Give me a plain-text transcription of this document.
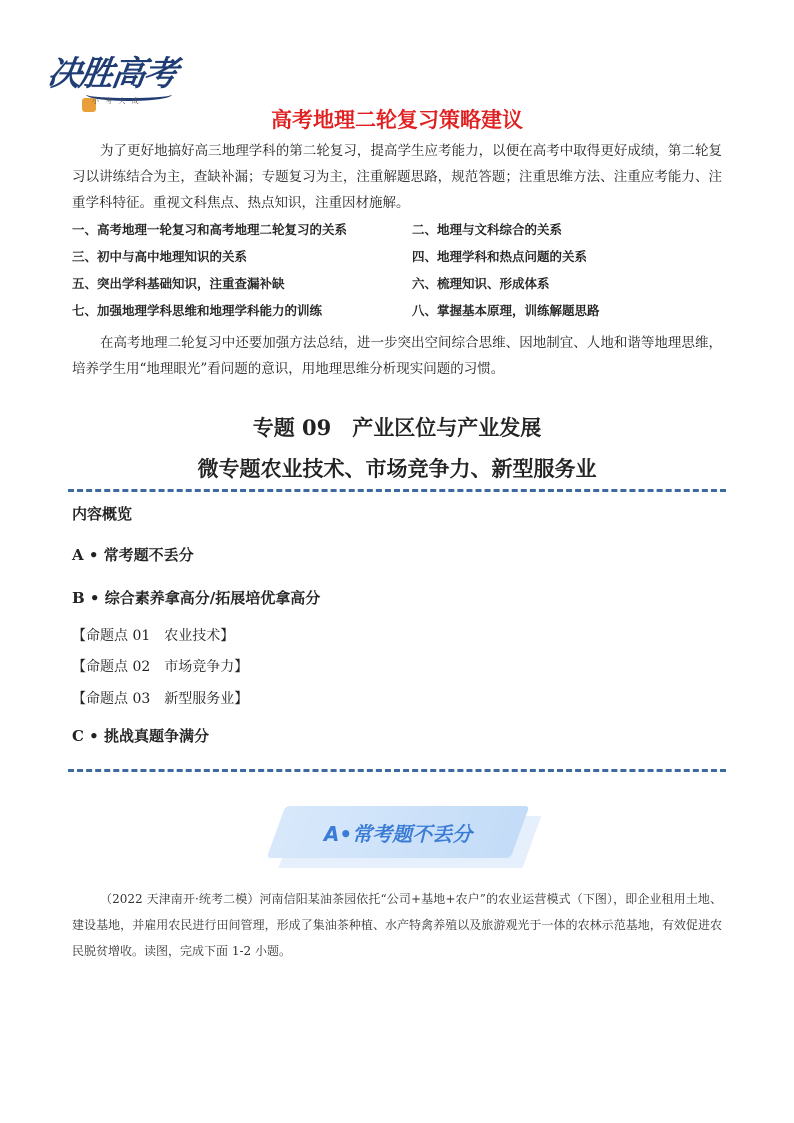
决胜高考
小 考 大 成
高考地理二轮复习策略建议

为了更好地搞好高三地理学科的第二轮复习，提高学生应考能力，以便在高考中取得更好成绩，第二轮复习以讲练结合为主，查缺补漏；专题复习为主，注重解题思路，规范答题；注重思维方法、注重应考能力、注重学科特征。重视文科焦点、热点知识，注重因材施解。

一、高考地理一轮复习和高考地理二轮复习的关系	二、地理与文科综合的关系
三、初中与高中地理知识的关系	四、地理学科和热点问题的关系
五、突出学科基础知识，注重查漏补缺	六、梳理知识、形成体系
七、加强地理学科思维和地理学科能力的训练	八、掌握基本原理，训练解题思路

在高考地理二轮复习中还要加强方法总结，进一步突出空间综合思维、因地制宜、人地和谐等地理思维，培养学生用“地理眼光”看问题的意识，用地理思维分析现实问题的习惯。

专题 09　产业区位与产业发展
微专题农业技术、市场竞争力、新型服务业
内容概览
A • 常考题不丢分
B • 综合素养拿高分/拓展培优拿高分
【命题点 01　农业技术】
【命题点 02　市场竞争力】
【命题点 03　新型服务业】
C • 挑战真题争满分
A•常考题不丢分

（2022 天津南开·统考二模）河南信阳某油茶园依托“公司+基地+农户”的农业运营模式（下图），即企业租用土地、建设基地，并雇用农民进行田间管理，形成了集油茶种植、水产特禽养殖以及旅游观光于一体的农林示范基地，有效促进农民脱贫增收。读图，完成下面 1-2 小题。
